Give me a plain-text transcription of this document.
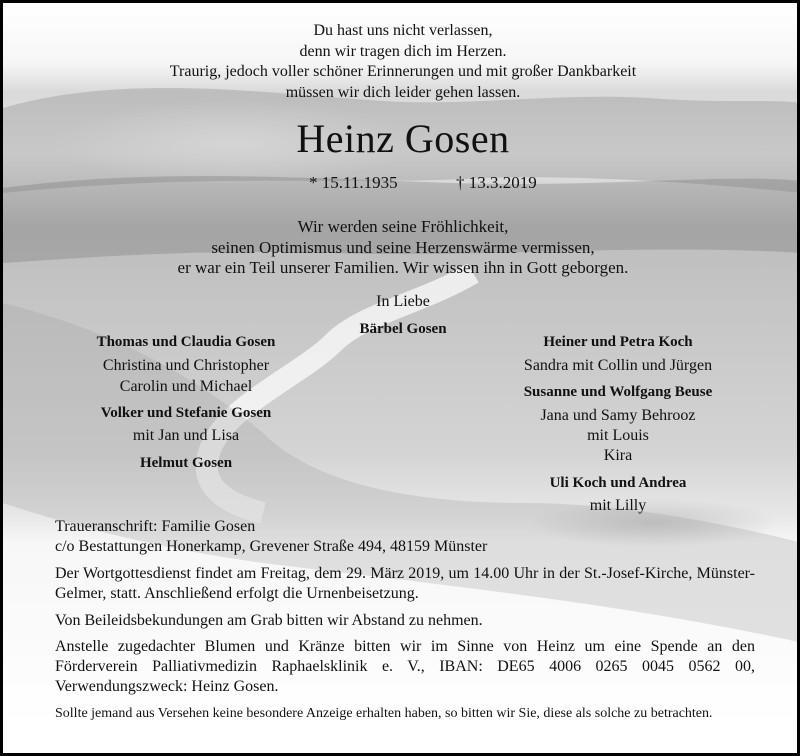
Du hast uns nicht verlassen,
denn wir tragen dich im Herzen.
Traurig, jedoch voller schöner Erinnerungen und mit großer Dankbarkeit
müssen wir dich leider gehen lassen.
Heinz Gosen
* 15.11.1935	† 13.3.2019
Wir werden seine Fröhlichkeit,
seinen Optimismus und seine Herzenswärme vermissen,
er war ein Teil unserer Familien. Wir wissen ihn in Gott geborgen.
In Liebe
Bärbel Gosen
Thomas und Claudia Gosen
Christina und Christopher
Carolin und Michael
Volker und Stefanie Gosen
mit Jan und Lisa
Helmut Gosen
Heiner und Petra Koch
Sandra mit Collin und Jürgen
Susanne und Wolfgang Beuse
Jana und Samy Behrooz
mit Louis
Kira
Uli Koch und Andrea
mit Lilly
Traueranschrift: Familie Gosen
c/o Bestattungen Honerkamp, Grevener Straße 494, 48159 Münster
Der Wortgottesdienst findet am Freitag, dem 29. März 2019, um 14.00 Uhr in der St.-Josef-Kirche, Münster-Gelmer, statt. Anschließend erfolgt die Urnenbeisetzung.
Von Beileidsbekundungen am Grab bitten wir Abstand zu nehmen.
Anstelle zugedachter Blumen und Kränze bitten wir im Sinne von Heinz um eine Spende an den Förderverein Palliativmedizin Raphaelsklinik e. V., IBAN: DE65 4006 0265 0045 0562 00, Verwendungszweck: Heinz Gosen.
Sollte jemand aus Versehen keine besondere Anzeige erhalten haben, so bitten wir Sie, diese als solche zu betrachten.
